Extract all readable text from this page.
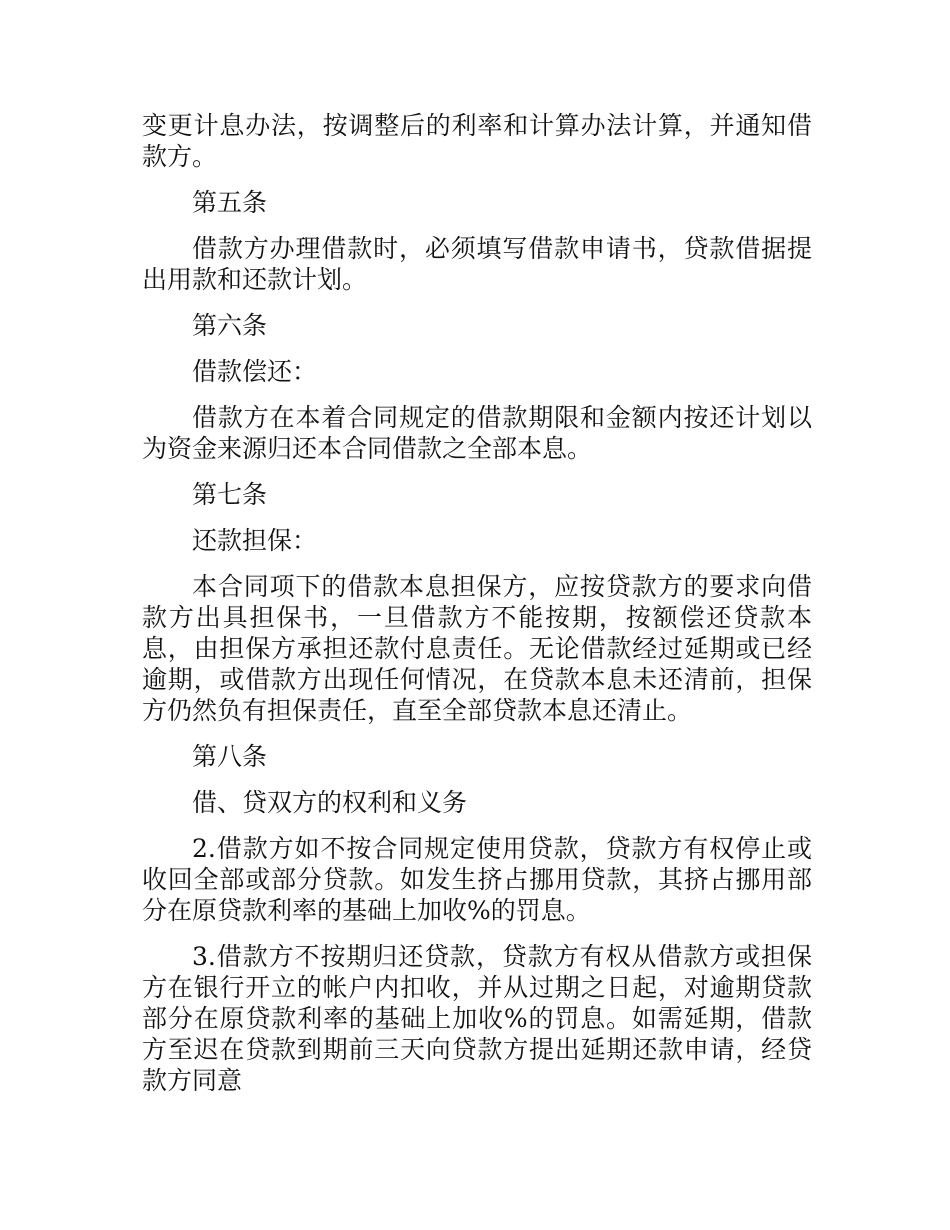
变更计息办法，按调整后的利率和计算办法计算，并通知借款方。

第五条

借款方办理借款时，必须填写借款申请书，贷款借据提出用款和还款计划。

第六条

借款偿还：

借款方在本着合同规定的借款期限和金额内按还计划以为资金来源归还本合同借款之全部本息。

第七条

还款担保：

本合同项下的借款本息担保方，应按贷款方的要求向借款方出具担保书，一旦借款方不能按期，按额偿还贷款本息，由担保方承担还款付息责任。无论借款经过延期或已经逾期，或借款方出现任何情况，在贷款本息未还清前，担保方仍然负有担保责任，直至全部贷款本息还清止。

第八条

借、贷双方的权利和义务

2.借款方如不按合同规定使用贷款，贷款方有权停止或收回全部或部分贷款。如发生挤占挪用贷款，其挤占挪用部分在原贷款利率的基础上加收%的罚息。

3.借款方不按期归还贷款，贷款方有权从借款方或担保方在银行开立的帐户内扣收，并从过期之日起，对逾期贷款部分在原贷款利率的基础上加收%的罚息。如需延期，借款方至迟在贷款到期前三天向贷款方提出延期还款申请，经贷款方同意
